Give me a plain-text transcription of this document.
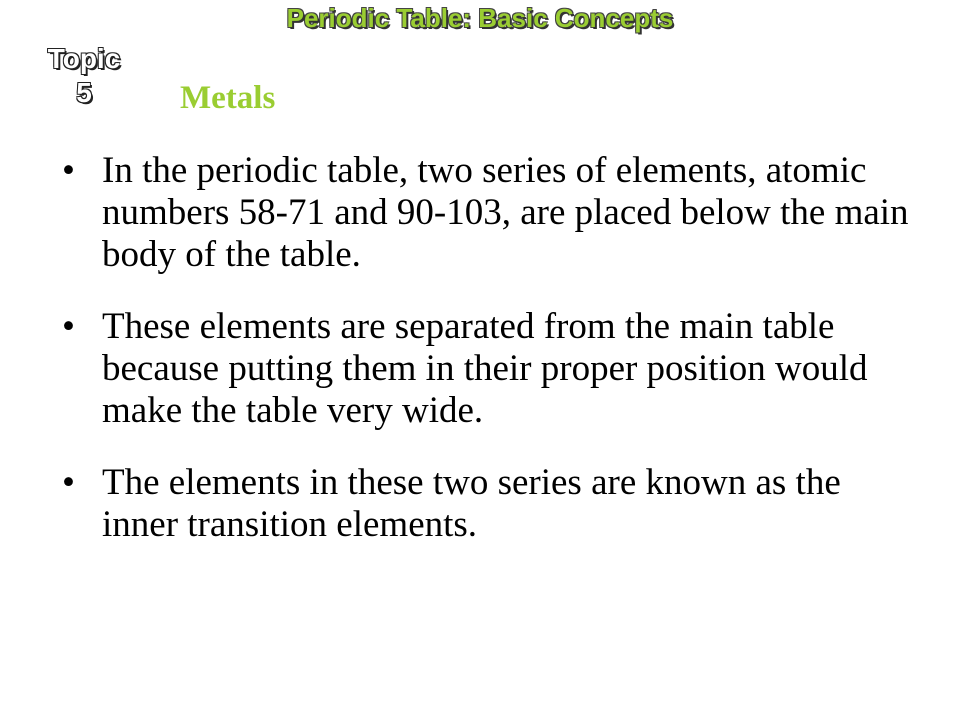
Periodic Table: Basic Concepts
Topic
5	Metals
• In the periodic table, two series of elements, atomic numbers 58-71 and 90-103, are placed below the main body of the table.
• These elements are separated from the main table because putting them in their proper position would make the table very wide.
• The elements in these two series are known as the inner transition elements.
